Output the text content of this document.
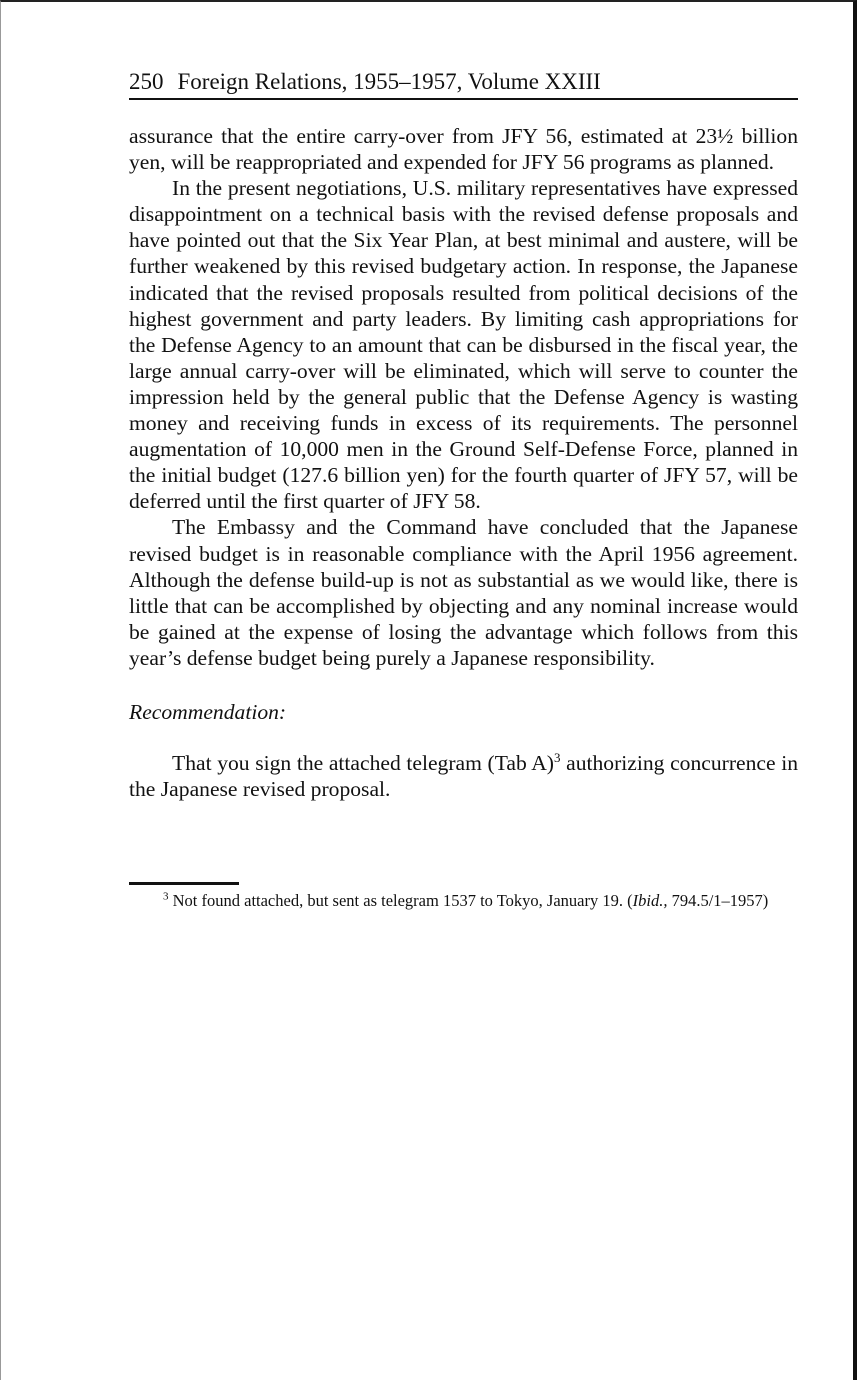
250 Foreign Relations, 1955–1957, Volume XXIII

assurance that the entire carry-over from JFY 56, estimated at 23½ billion yen, will be reappropriated and expended for JFY 56 programs as planned.

In the present negotiations, U.S. military representatives have expressed disappointment on a technical basis with the revised defense proposals and have pointed out that the Six Year Plan, at best minimal and austere, will be further weakened by this revised budgetary action. In response, the Japanese indicated that the revised proposals resulted from political decisions of the highest government and party leaders. By limiting cash appropriations for the Defense Agency to an amount that can be disbursed in the fiscal year, the large annual carry-over will be eliminated, which will serve to counter the impression held by the general public that the Defense Agency is wasting money and receiving funds in excess of its requirements. The personnel augmentation of 10,000 men in the Ground Self-Defense Force, planned in the initial budget (127.6 billion yen) for the fourth quarter of JFY 57, will be deferred until the first quarter of JFY 58.

The Embassy and the Command have concluded that the Japanese revised budget is in reasonable compliance with the April 1956 agreement. Although the defense build-up is not as substantial as we would like, there is little that can be accomplished by objecting and any nominal increase would be gained at the expense of losing the advantage which follows from this year’s defense budget being purely a Japanese responsibility.

Recommendation:

That you sign the attached telegram (Tab A)$^3$ authorizing concurrence in the Japanese revised proposal.

$^3$ Not found attached, but sent as telegram 1537 to Tokyo, January 19. (Ibid., 794.5/1–1957)
